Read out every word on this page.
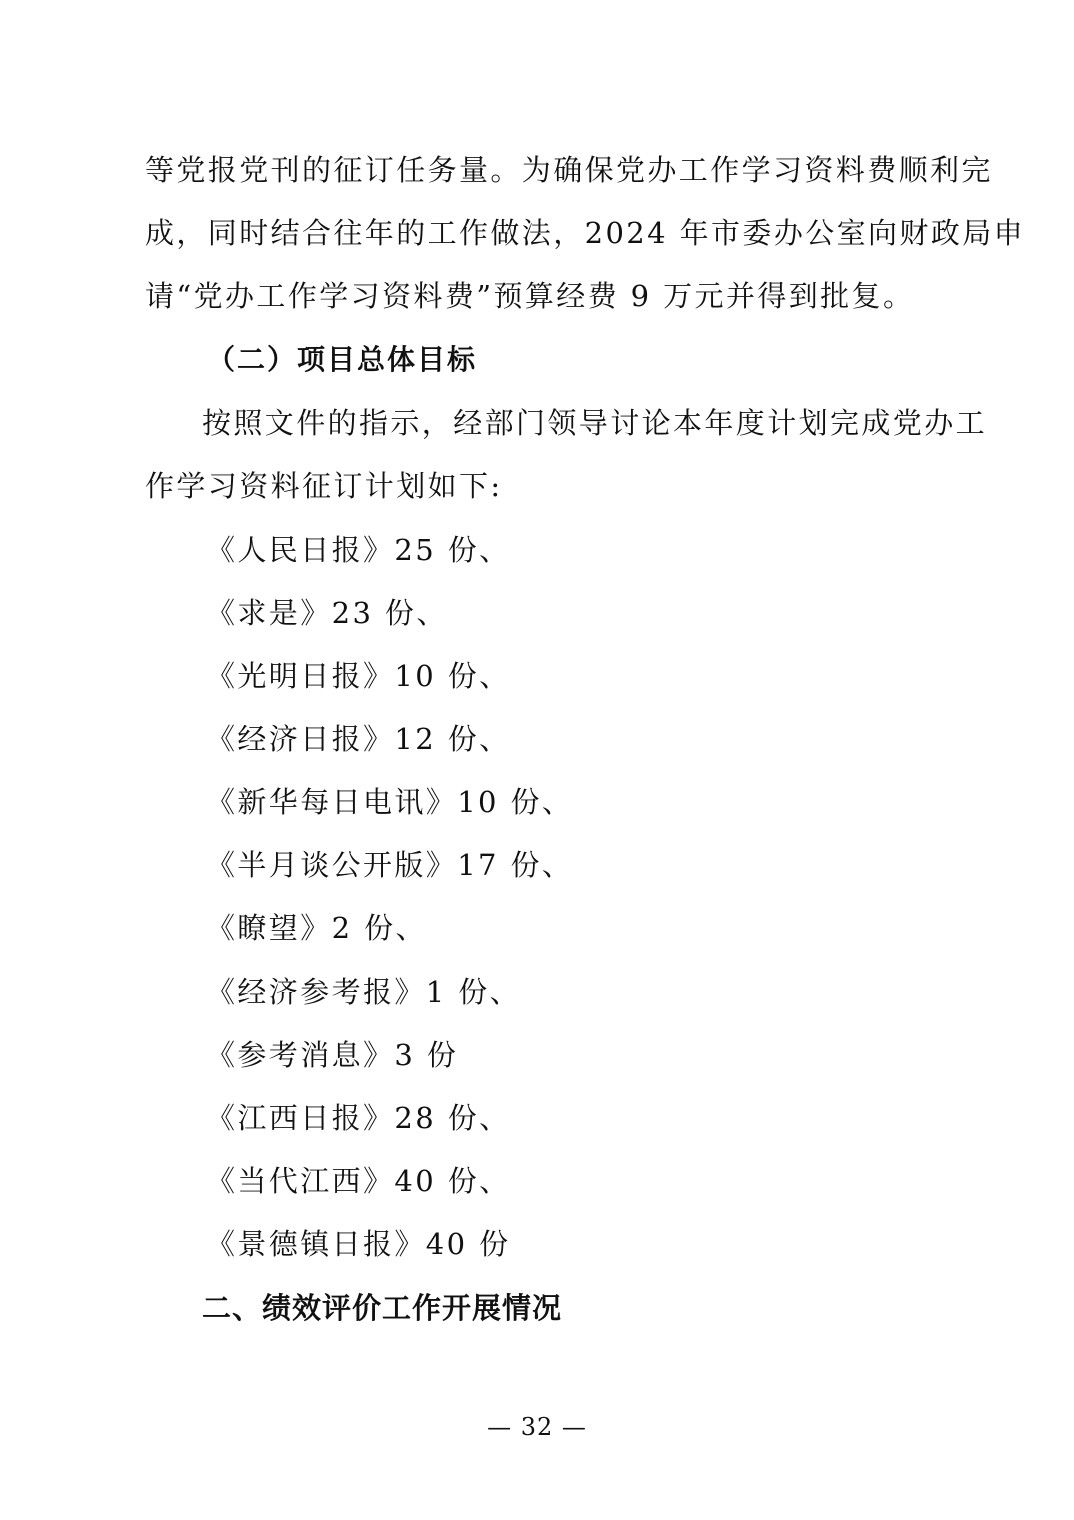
等党报党刊的征订任务量。为确保党办工作学习资料费顺利完
成，同时结合往年的工作做法，2024 年市委办公室向财政局申
请“党办工作学习资料费”预算经费 9 万元并得到批复。
（二）项目总体目标
按照文件的指示，经部门领导讨论本年度计划完成党办工
作学习资料征订计划如下:
《人民日报》25 份、
《求是》23 份、
《光明日报》10 份、
《经济日报》12 份、
《新华每日电讯》10 份、
《半月谈公开版》17 份、
《瞭望》2 份、
《经济参考报》1 份、
《参考消息》3 份
《江西日报》28 份、
《当代江西》40 份、
《景德镇日报》40 份
二、绩效评价工作开展情况
— 32 —
